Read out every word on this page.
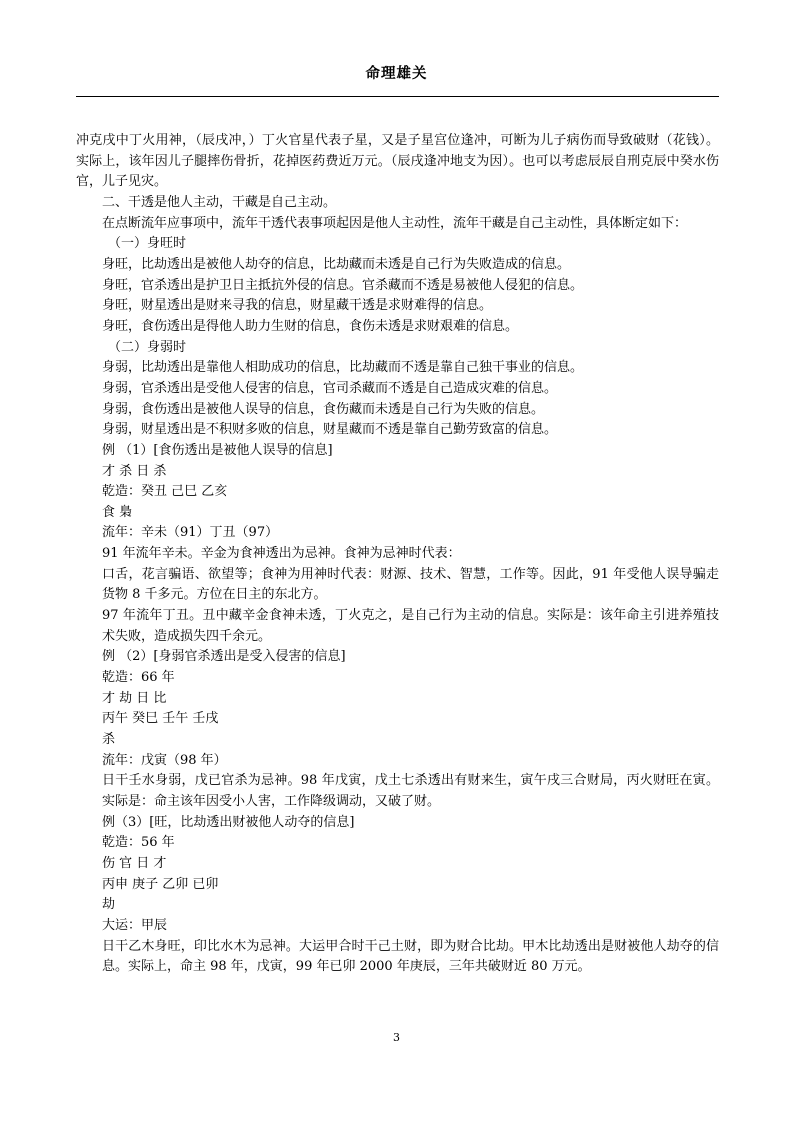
命理雄关

冲克戌中丁火用神，（辰戌冲，）丁火官星代表子星，又是子星宫位逢冲，可断为儿子病伤而导致破财（花钱）。实际上，该年因儿子腿摔伤骨折，花掉医药费近万元。（辰戌逢冲地支为因）。也可以考虑辰辰自刑克辰中癸水伤官，儿子见灾。

二、干透是他人主动，干藏是自己主动。

在点断流年应事项中，流年干透代表事项起因是他人主动性，流年干藏是自己主动性，具体断定如下：

（一）身旺时

身旺，比劫透出是被他人劫夺的信息，比劫藏而未透是自己行为失败造成的信息。

身旺，官杀透出是护卫日主抵抗外侵的信息。官杀藏而不透是易被他人侵犯的信息。

身旺，财星透出是财来寻我的信息，财星藏干透是求财难得的信息。

身旺，食伤透出是得他人助力生财的信息，食伤未透是求财艰难的信息。

（二）身弱时

身弱，比劫透出是靠他人相助成功的信息，比劫藏而不透是靠自己独干事业的信息。

身弱，官杀透出是受他人侵害的信息，官司杀藏而不透是自己造成灾难的信息。

身弱，食伤透出是被他人误导的信息，食伤藏而未透是自己行为失败的信息。

身弱，财星透出是不积财多败的信息，财星藏而不透是靠自己勤劳致富的信息。

例 （1）[食伤透出是被他人误导的信息]

才 杀 日 杀

乾造：癸丑 己巳 乙亥

食 梟

流年：辛未（91）丁丑（97）

91 年流年辛未。辛金为食神透出为忌神。食神为忌神时代表：

口舌，花言骗语、欲望等；食神为用神时代表：财源、技术、智慧，工作等。因此，91 年受他人误导骗走货物 8 千多元。方位在日主的东北方。

97 年流年丁丑。丑中藏辛金食神未透，丁火克之，是自己行为主动的信息。实际是：该年命主引进养殖技术失败，造成损失四千余元。

例 （2）[身弱官杀透出是受入侵害的信息]

乾造：66 年

才 劫 日 比

丙午 癸巳 壬午 壬戌

杀

流年：戊寅（98 年）

日干壬水身弱，戊已官杀为忌神。98 年戊寅，戊土七杀透出有财来生，寅午戌三合财局，丙火财旺在寅。实际是：命主该年因受小人害，工作降级调动，又破了财。

例（3）[旺，比劫透出财被他人动夺的信息]

乾造：56 年

伤 官 日 才

丙申 庚子 乙卯 已卯

劫

大运：甲辰

日干乙木身旺，印比水木为忌神。大运甲合时干己土财，即为财合比劫。甲木比劫透出是财被他人劫夺的信息。实际上，命主 98 年，戊寅，99 年已卯 2000 年庚辰，三年共破财近 80 万元。

3
